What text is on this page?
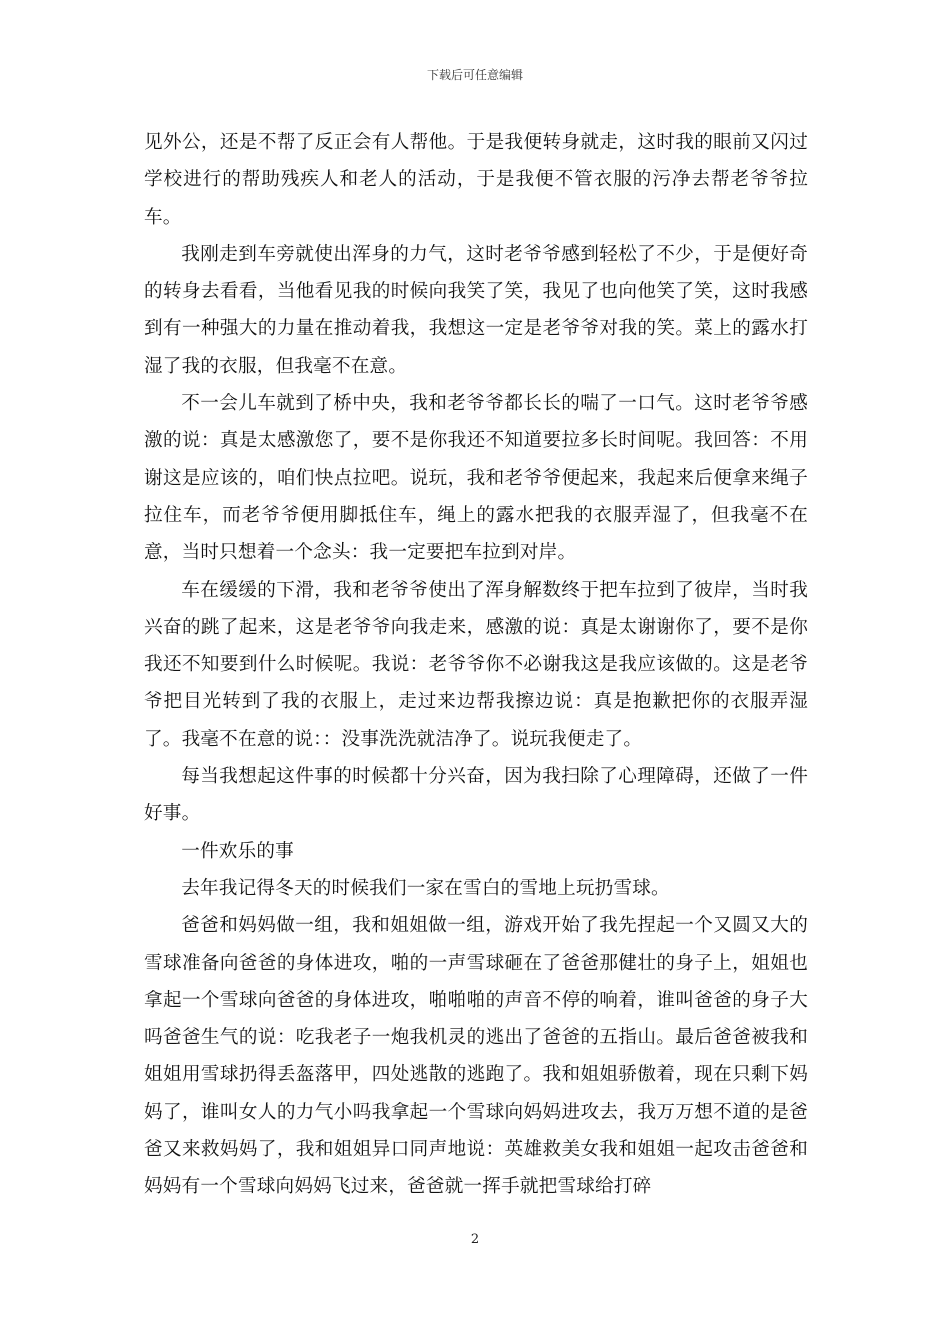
下载后可任意编辑

见外公，还是不帮了反正会有人帮他。于是我便转身就走，这时我的眼前又闪过学校进行的帮助残疾人和老人的活动，于是我便不管衣服的污净去帮老爷爷拉车。

我刚走到车旁就使出浑身的力气，这时老爷爷感到轻松了不少，于是便好奇的转身去看看，当他看见我的时候向我笑了笑，我见了也向他笑了笑，这时我感到有一种强大的力量在推动着我，我想这一定是老爷爷对我的笑。菜上的露水打湿了我的衣服，但我毫不在意。

不一会儿车就到了桥中央，我和老爷爷都长长的喘了一口气。这时老爷爷感激的说：真是太感激您了，要不是你我还不知道要拉多长时间呢。我回答：不用谢这是应该的，咱们快点拉吧。说玩，我和老爷爷便起来，我起来后便拿来绳子拉住车，而老爷爷便用脚抵住车，绳上的露水把我的衣服弄湿了，但我毫不在意，当时只想着一个念头：我一定要把车拉到对岸。

车在缓缓的下滑，我和老爷爷使出了浑身解数终于把车拉到了彼岸，当时我兴奋的跳了起来，这是老爷爷向我走来，感激的说：真是太谢谢你了，要不是你我还不知要到什么时候呢。我说：老爷爷你不必谢我这是我应该做的。这是老爷爷把目光转到了我的衣服上，走过来边帮我擦边说：真是抱歉把你的衣服弄湿了。我毫不在意的说：：没事洗洗就洁净了。说玩我便走了。

每当我想起这件事的时候都十分兴奋，因为我扫除了心理障碍，还做了一件好事。

一件欢乐的事

去年我记得冬天的时候我们一家在雪白的雪地上玩扔雪球。

爸爸和妈妈做一组，我和姐姐做一组，游戏开始了我先捏起一个又圆又大的雪球准备向爸爸的身体进攻，啪的一声雪球砸在了爸爸那健壮的身子上，姐姐也拿起一个雪球向爸爸的身体进攻，啪啪啪的声音不停的响着，谁叫爸爸的身子大吗爸爸生气的说：吃我老子一炮我机灵的逃出了爸爸的五指山。最后爸爸被我和姐姐用雪球扔得丢盔落甲，四处逃散的逃跑了。我和姐姐骄傲着，现在只剩下妈妈了，谁叫女人的力气小吗我拿起一个雪球向妈妈进攻去，我万万想不道的是爸爸又来救妈妈了，我和姐姐异口同声地说：英雄救美女我和姐姐一起攻击爸爸和妈妈有一个雪球向妈妈飞过来，爸爸就一挥手就把雪球给打碎

2
